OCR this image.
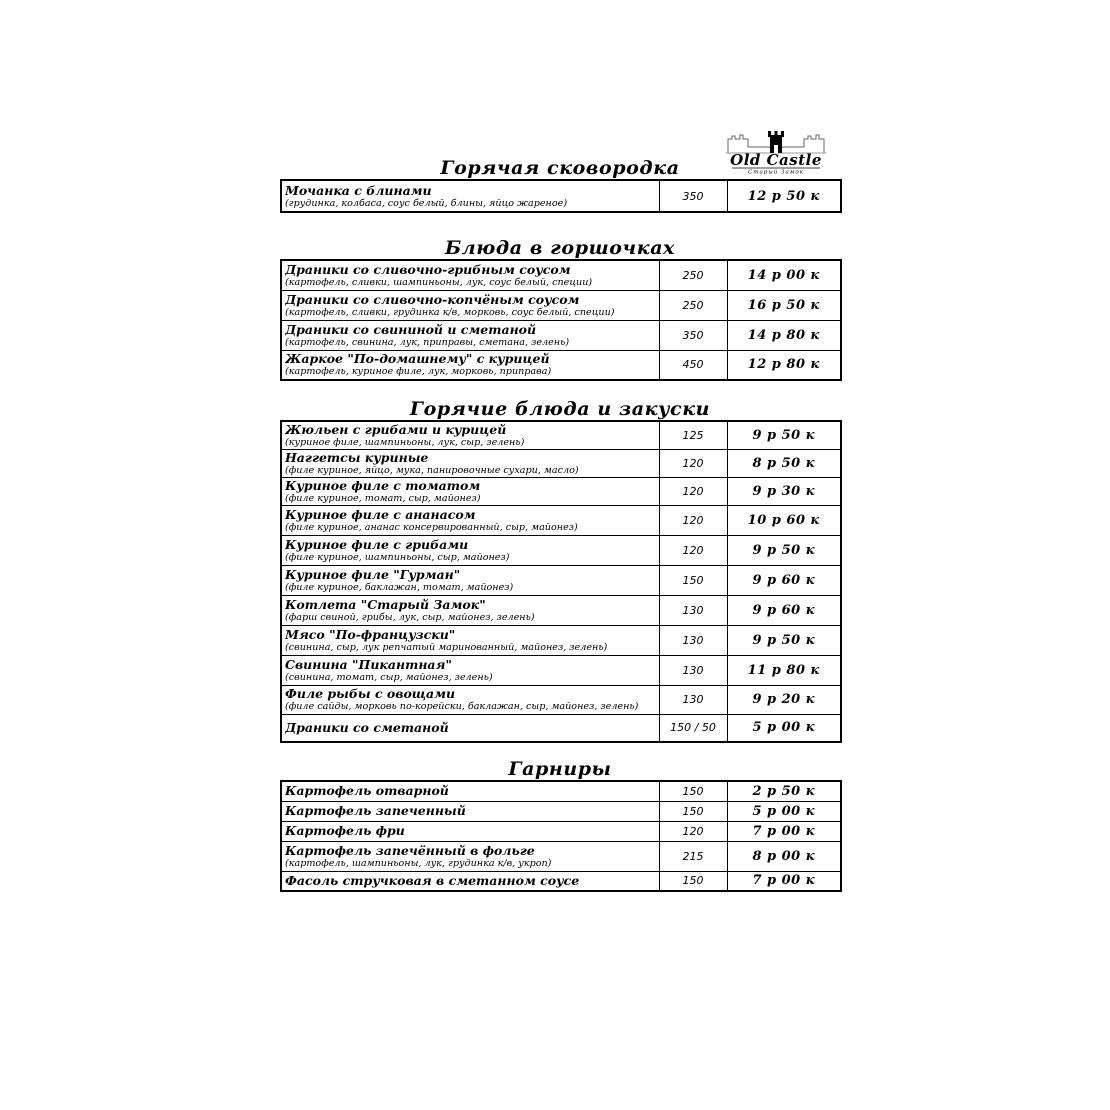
Old Castle
Старый Замок
Горячая сковородка
Мочанка с блинами
(грудинка, колбаса, соус белый, блины, яйцо жареное)
	350	12 р 50 к
Блюда в горшочках
Драники со сливочно-грибным соусом
(картофель, сливки, шампиньоны, лук, соус белый, специи)	250	14 р 00 к

Драники со сливочно-копчёным соусом
(картофель, сливки, грудинка к/в, морковь, соус белый, специи)	250	16 р 50 к

Драники со свининой и сметаной
(картофель, свинина, лук, приправы, сметана, зелень)	350	14 р 80 к

Жаркое "По-домашнему" с курицей
(картофель, куриное филе, лук, морковь, приправа)	450	12 р 80 к
Горячие блюда и закуски
Жюльен с грибами и курицей
(куриное филе, шампиньоны, лук, сыр, зелень)	125	9 р 50 к

Наггетсы куриные
(филе куриное, яйцо, мука, панировочные сухари, масло)	120	8 р 50 к

Куриное филе с томатом
(филе куриное, томат, сыр, майонез)	120	9 р 30 к

Куриное филе с ананасом
(филе куриное, ананас консервированный, сыр, майонез)	120	10 р 60 к

Куриное филе с грибами
(филе куриное, шампиньоны, сыр, майонез)	120	9 р 50 к

Куриное филе "Гурман"
(филе куриное, баклажан, томат, майонез)	150	9 р 60 к

Котлета "Старый Замок"
(фарш свиной, грибы, лук, сыр, майонез, зелень)	130	9 р 60 к

Мясо "По-французски"
(свинина, сыр, лук репчатый маринованный, майонез, зелень)	130	9 р 50 к

Свинина "Пикантная"
(свинина, томат, сыр, майонез, зелень)	130	11 р 80 к

Филе рыбы с овощами
(филе сайды, морковь по-корейски, баклажан, сыр, майонез, зелень)	130	9 р 20 к

Драники со сметаной	150 / 50	5 р 00 к
Гарниры
Картофель отварной	150	2 р 50 к

Картофель запеченный	150	5 р 00 к

Картофель фри	120	7 р 00 к

Картофель запечённый в фольге
(картофель, шампиньоны, лук, грудинка к/в, укроп)	215	8 р 00 к

Фасоль стручковая в сметанном соусе	150	7 р 00 к
